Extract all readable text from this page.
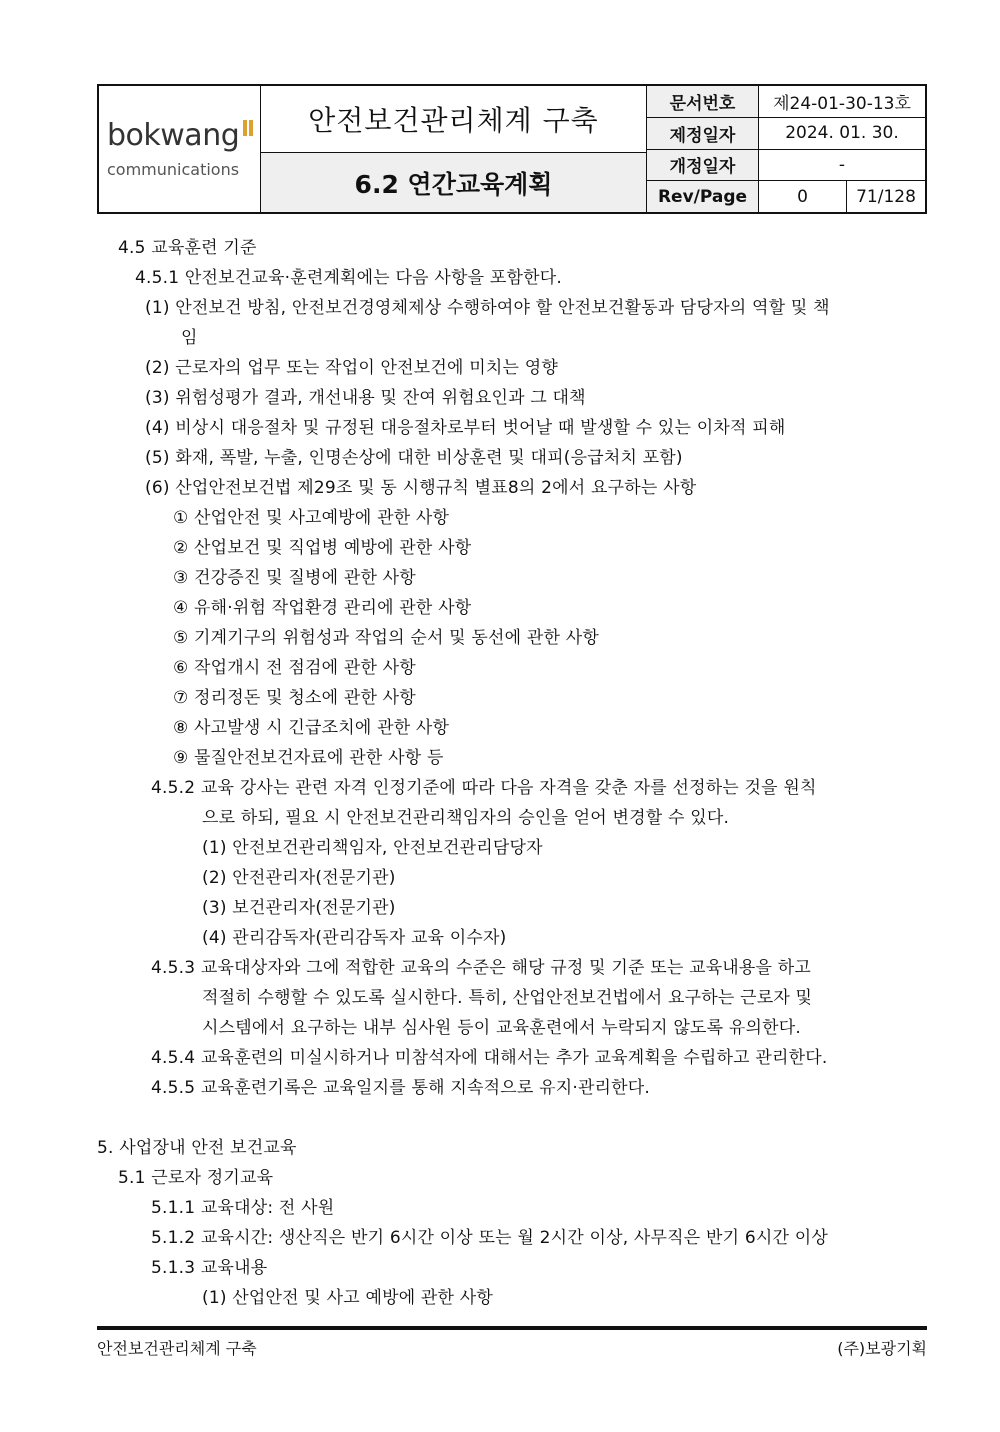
bokwang
communications
안전보건관리체계 구축
6.2 연간교육계획
문서번호	제24-01-30-13호
제정일자	2024. 01. 30.
개정일자	-
Rev/Page	0	71/128
4.5 교육훈련 기준
4.5.1 안전보건교육·훈련계획에는 다음 사항을 포함한다.
(1) 안전보건 방침, 안전보건경영체제상 수행하여야 할 안전보건활동과 담당자의 역할 및 책
임
(2) 근로자의 업무 또는 작업이 안전보건에 미치는 영향
(3) 위험성평가 결과, 개선내용 및 잔여 위험요인과 그 대책
(4) 비상시 대응절차 및 규정된 대응절차로부터 벗어날 때 발생할 수 있는 이차적 피해
(5) 화재, 폭발, 누출, 인명손상에 대한 비상훈련 및 대피(응급처치 포함)
(6) 산업안전보건법 제29조 및 동 시행규칙 별표8의 2에서 요구하는 사항
① 산업안전 및 사고예방에 관한 사항
② 산업보건 및 직업병 예방에 관한 사항
③ 건강증진 및 질병에 관한 사항
④ 유해·위험 작업환경 관리에 관한 사항
⑤ 기계기구의 위험성과 작업의 순서 및 동선에 관한 사항
⑥ 작업개시 전 점검에 관한 사항
⑦ 정리정돈 및 청소에 관한 사항
⑧ 사고발생 시 긴급조치에 관한 사항
⑨ 물질안전보건자료에 관한 사항 등
4.5.2 교육 강사는 관련 자격 인정기준에 따라 다음 자격을 갖춘 자를 선정하는 것을 원칙
으로 하되, 필요 시 안전보건관리책임자의 승인을 얻어 변경할 수 있다.
(1) 안전보건관리책임자, 안전보건관리담당자
(2) 안전관리자(전문기관)
(3) 보건관리자(전문기관)
(4) 관리감독자(관리감독자 교육 이수자)
4.5.3 교육대상자와 그에 적합한 교육의 수준은 해당 규정 및 기준 또는 교육내용을 하고
적절히 수행할 수 있도록 실시한다. 특히, 산업안전보건법에서 요구하는 근로자 및
시스템에서 요구하는 내부 심사원 등이 교육훈련에서 누락되지 않도록 유의한다.
4.5.4 교육훈련의 미실시하거나 미참석자에 대해서는 추가 교육계획을 수립하고 관리한다.
4.5.5 교육훈련기록은 교육일지를 통해 지속적으로 유지·관리한다.
5. 사업장내 안전 보건교육
5.1 근로자 정기교육
5.1.1 교육대상: 전 사원
5.1.2 교육시간: 생산직은 반기 6시간 이상 또는 월 2시간 이상, 사무직은 반기 6시간 이상
5.1.3 교육내용
(1) 산업안전 및 사고 예방에 관한 사항
안전보건관리체계 구축	(주)보광기획
